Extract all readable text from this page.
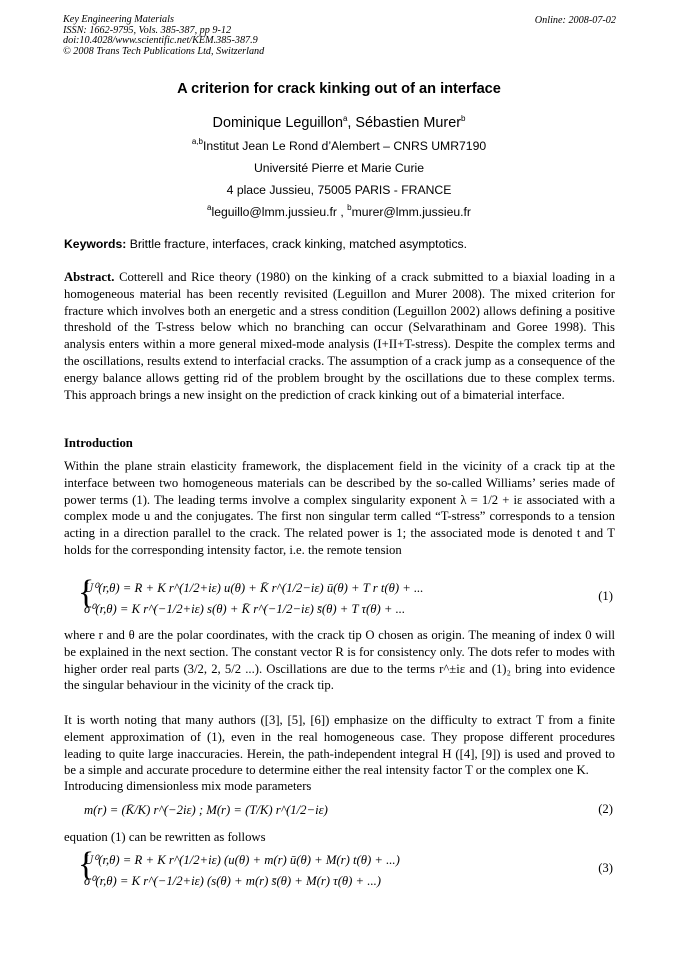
Key Engineering Materials
ISSN: 1662-9795, Vols. 385-387, pp 9-12
doi:10.4028/www.scientific.net/KEM.385-387.9
© 2008 Trans Tech Publications Ltd, Switzerland
Online: 2008-07-02
A criterion for crack kinking out of an interface
Dominique Leguillon$^a$, Sébastien Murer$^b$
$^{a,b}$Institut Jean Le Rond d’Alembert – CNRS UMR7190
Université Pierre et Marie Curie
4 place Jussieu, 75005 PARIS - FRANCE
$^a$leguillo@lmm.jussieu.fr , $^b$murer@lmm.jussieu.fr
Keywords: Brittle fracture, interfaces, crack kinking, matched asymptotics.
Abstract. Cotterell and Rice theory (1980) on the kinking of a crack submitted to a biaxial loading in a homogeneous material has been recently revisited (Leguillon and Murer 2008). The mixed criterion for fracture which involves both an energetic and a stress condition (Leguillon 2002) allows defining a positive threshold of the T-stress below which no branching can occur (Selvarathinam and Goree 1998). This analysis enters within a more general mixed-mode analysis (I+II+T-stress). Despite the complex terms and the oscillations, results extend to interfacial cracks. The assumption of a crack jump as a consequence of the energy balance allows getting rid of the problem brought by the oscillations due to these complex terms. This approach brings a new insight on the prediction of crack kinking out of a bimaterial interface.
Introduction
Within the plane strain elasticity framework, the displacement field in the vicinity of a crack tip at the interface between two homogeneous materials can be described by the so-called Williams’ series made of power terms (1). The leading terms involve a complex singularity exponent λ = 1/2 + iε associated with a complex mode u and the conjugates. The first non singular term called “T-stress” corresponds to a tension acting in a direction parallel to the crack. The related power is 1; the associated mode is denoted t and T holds for the corresponding intensity factor, i.e. the remote tension
{
U⁰(r,θ) = R + K r^(1/2+iε) u(θ) + K̄ r^(1/2−iε) ū(θ) + T r t(θ) + ...
σ⁰(r,θ) = K r^(−1/2+iε) s(θ) + K̄ r^(−1/2−iε) s̄(θ) + T τ(θ) + ...
(1)
where r and θ are the polar coordinates, with the crack tip O chosen as origin. The meaning of index 0 will be explained in the next section. The constant vector R is for consistency only. The dots refer to modes with higher order real parts (3/2, 2, 5/2 ...). Oscillations are due to the terms r^±iε and (1)₂ bring into evidence the singular behaviour in the vicinity of the crack tip.
It is worth noting that many authors ([3], [5], [6]) emphasize on the difficulty to extract T from a finite element approximation of (1), even in the real homogeneous case. They propose different procedures leading to quite large inaccuracies. Herein, the path-independent integral H ([4], [9]) is used and proved to be a simple and accurate procedure to determine either the real intensity factor T or the complex one K.
Introducing dimensionless mix mode parameters
m(r) = (K̄/K) r^(−2iε) ; M(r) = (T/K) r^(1/2−iε)	(2)
equation (1) can be rewritten as follows
{
U⁰(r,θ) = R + K r^(1/2+iε) (u(θ) + m(r) ū(θ) + M(r) t(θ) + ...)
σ⁰(r,θ) = K r^(−1/2+iε) (s(θ) + m(r) s̄(θ) + M(r) τ(θ) + ...)
(3)
